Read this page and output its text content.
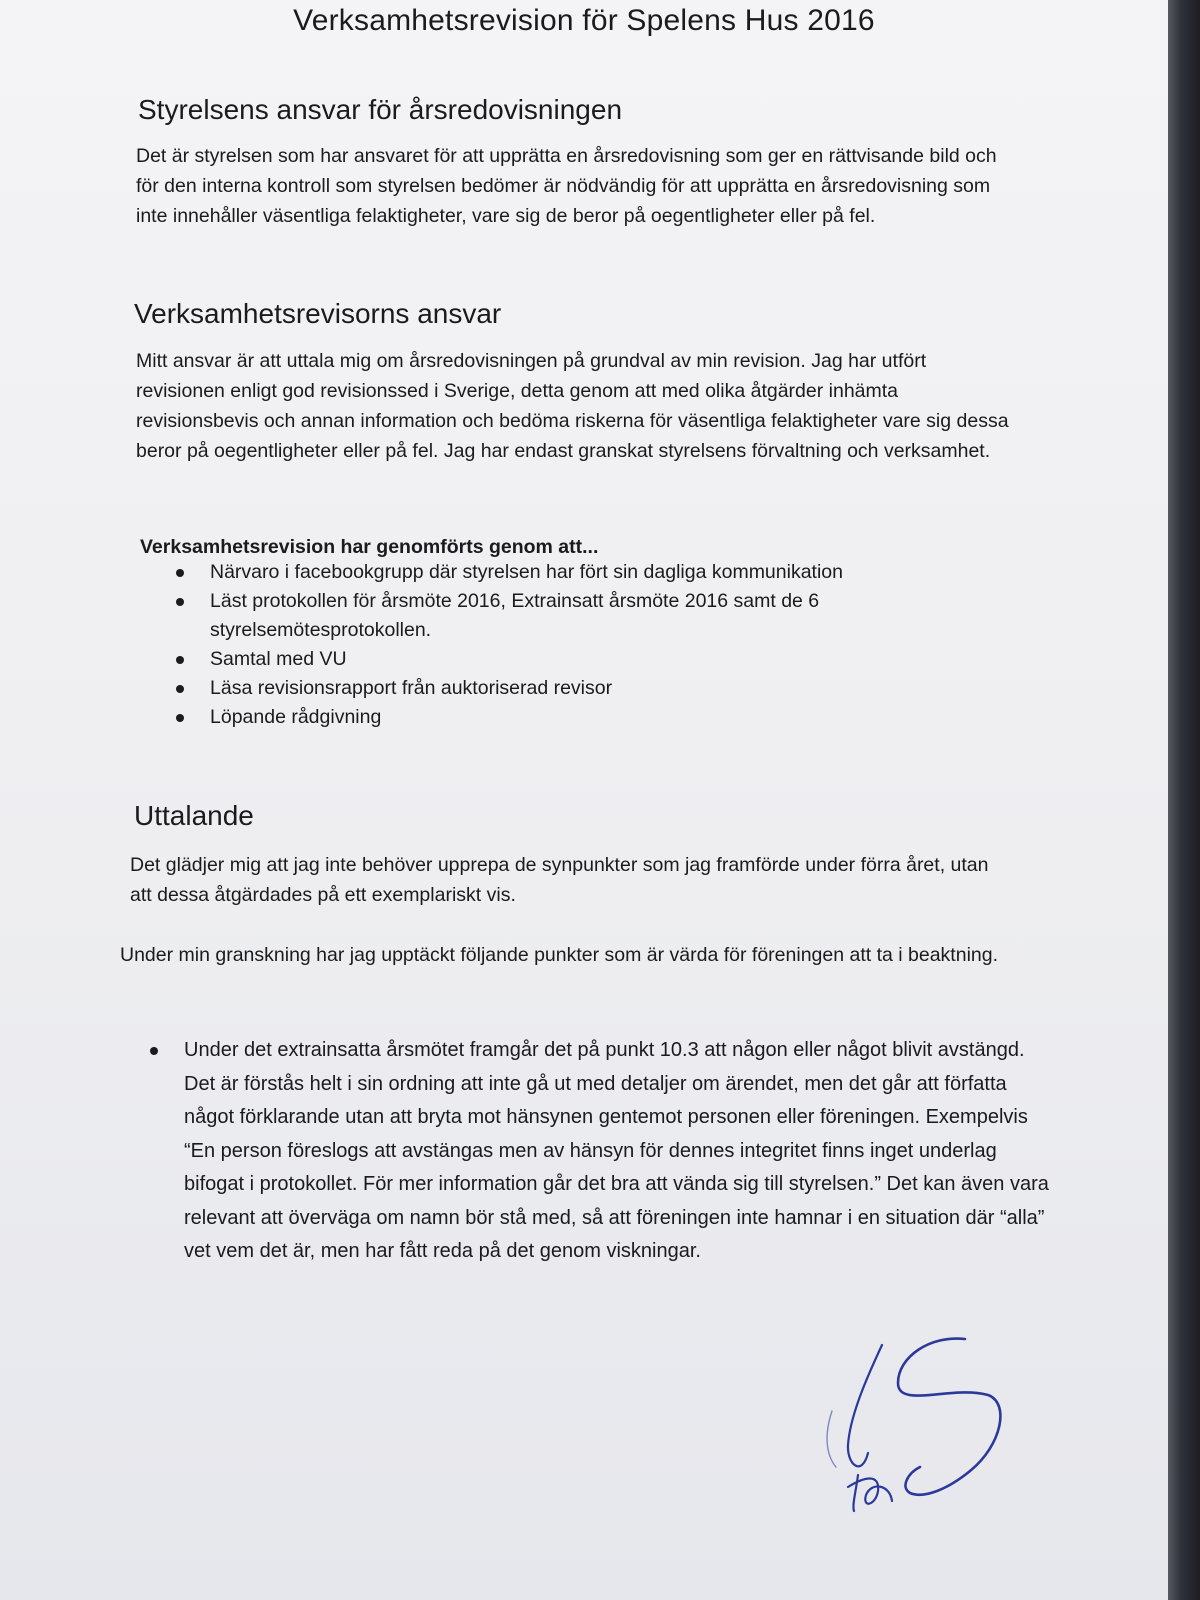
Verksamhetsrevision för Spelens Hus 2016
Styrelsens ansvar för årsredovisningen

Det är styrelsen som har ansvaret för att upprätta en årsredovisning som ger en rättvisande bild och för den interna kontroll som styrelsen bedömer är nödvändig för att upprätta en årsredovisning som inte innehåller väsentliga felaktigheter, vare sig de beror på oegentligheter eller på fel.

Verksamhetsrevisorns ansvar

Mitt ansvar är att uttala mig om årsredovisningen på grundval av min revision. Jag har utfört revisionen enligt god revisionssed i Sverige, detta genom att med olika åtgärder inhämta revisionsbevis och annan information och bedöma riskerna för väsentliga felaktigheter vare sig dessa beror på oegentligheter eller på fel. Jag har endast granskat styrelsens förvaltning och verksamhet.

Verksamhetsrevision har genomförts genom att...

Närvaro i facebookgrupp där styrelsen har fört sin dagliga kommunikation
Läst protokollen för årsmöte 2016, Extrainsatt årsmöte 2016 samt de 6 styrelsemötesprotokollen.
Samtal med VU
Läsa revisionsrapport från auktoriserad revisor
Löpande rådgivning
Uttalande

Det glädjer mig att jag inte behöver upprepa de synpunkter som jag framförde under förra året, utan att dessa åtgärdades på ett exemplariskt vis.

Under min granskning har jag upptäckt följande punkter som är värda för föreningen att ta i beaktning.

Under det extrainsatta årsmötet framgår det på punkt 10.3 att någon eller något blivit avstängd. Det är förstås helt i sin ordning att inte gå ut med detaljer om ärendet, men det går att författa något förklarande utan att bryta mot hänsynen gentemot personen eller föreningen. Exempelvis “En person föreslogs att avstängas men av hänsyn för dennes integritet finns inget underlag bifogat i protokollet. För mer information går det bra att vända sig till styrelsen.” Det kan även vara relevant att överväga om namn bör stå med, så att föreningen inte hamnar i en situation där “alla” vet vem det är, men har fått reda på det genom viskningar.
